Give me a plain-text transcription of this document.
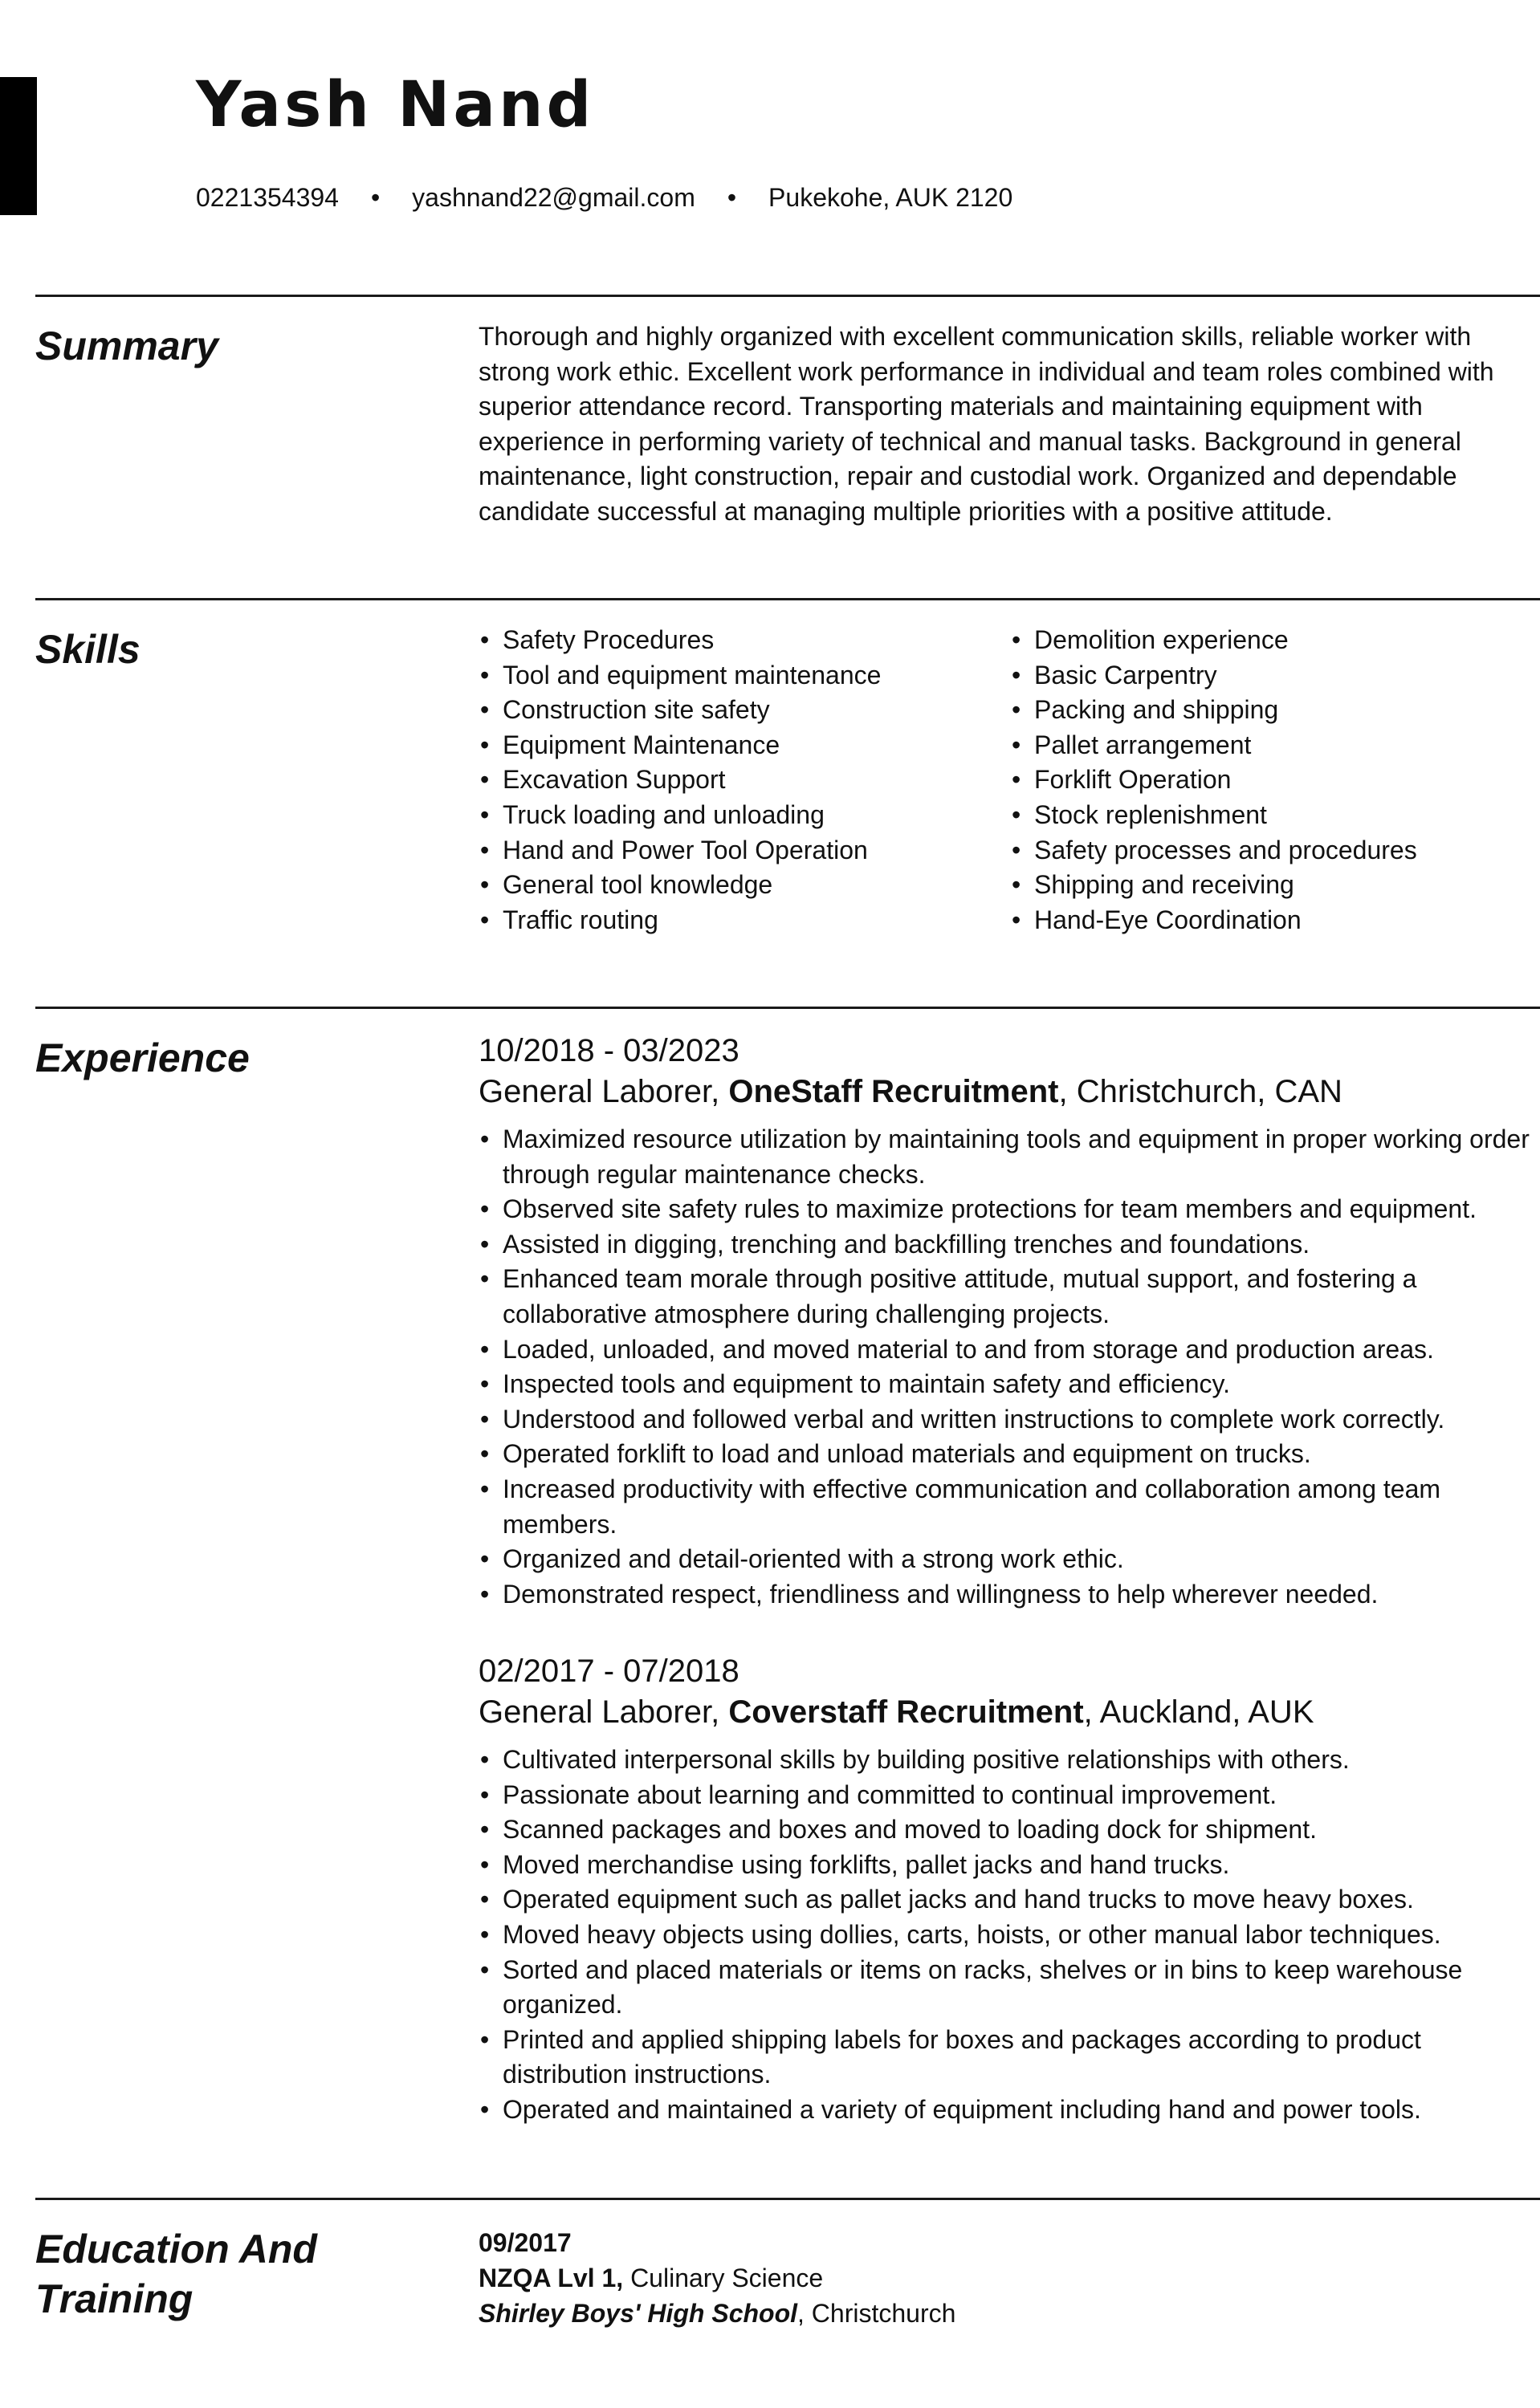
Yash Nand
0221354394 • yashnand22@gmail.com • Pukekohe, AUK 2120
Summary	Thorough and highly organized with excellent communication skills, reliable worker with strong work ethic. Excellent work performance in individual and team roles combined with superior attendance record. Transporting materials and maintaining equipment with experience in performing variety of technical and manual tasks. Background in general maintenance, light construction, repair and custodial work. Organized and dependable candidate successful at managing multiple priorities with a positive attitude.

Skills
•	Safety Procedures
• Tool and equipment maintenance
• Construction site safety
• Equipment Maintenance
• Excavation Support
• Truck loading and unloading
• Hand and Power Tool Operation
• General tool knowledge
• Traffic routing
• Demolition experience
• Basic Carpentry
• Packing and shipping
• Pallet arrangement
• Forklift Operation
• Stock replenishment
• Safety processes and procedures
• Shipping and receiving
• Hand-Eye Coordination
Experience	10/2018 - 03/2023
General Laborer, OneStaff Recruitment, Christchurch, CAN
• Maximized resource utilization by maintaining tools and equipment in proper working order through regular maintenance checks.
• Observed site safety rules to maximize protections for team members and equipment.
• Assisted in digging, trenching and backfilling trenches and foundations.
• Enhanced team morale through positive attitude, mutual support, and fostering a collaborative atmosphere during challenging projects.
• Loaded, unloaded, and moved material to and from storage and production areas.
• Inspected tools and equipment to maintain safety and efficiency.
• Understood and followed verbal and written instructions to complete work correctly.
• Operated forklift to load and unload materials and equipment on trucks.
• Increased productivity with effective communication and collaboration among team members.
• Organized and detail-oriented with a strong work ethic.
• Demonstrated respect, friendliness and willingness to help wherever needed.
02/2017 - 07/2018
General Laborer, Coverstaff Recruitment, Auckland, AUK
• Cultivated interpersonal skills by building positive relationships with others.
• Passionate about learning and committed to continual improvement.
• Scanned packages and boxes and moved to loading dock for shipment.
• Moved merchandise using forklifts, pallet jacks and hand trucks.
• Operated equipment such as pallet jacks and hand trucks to move heavy boxes.
• Moved heavy objects using dollies, carts, hoists, or other manual labor techniques.
• Sorted and placed materials or items on racks, shelves or in bins to keep warehouse organized.
• Printed and applied shipping labels for boxes and packages according to product distribution instructions.
• Operated and maintained a variety of equipment including hand and power tools.
Education And
Training
09/2017
NZQA Lvl 1, Culinary Science
Shirley Boys' High School, Christchurch
